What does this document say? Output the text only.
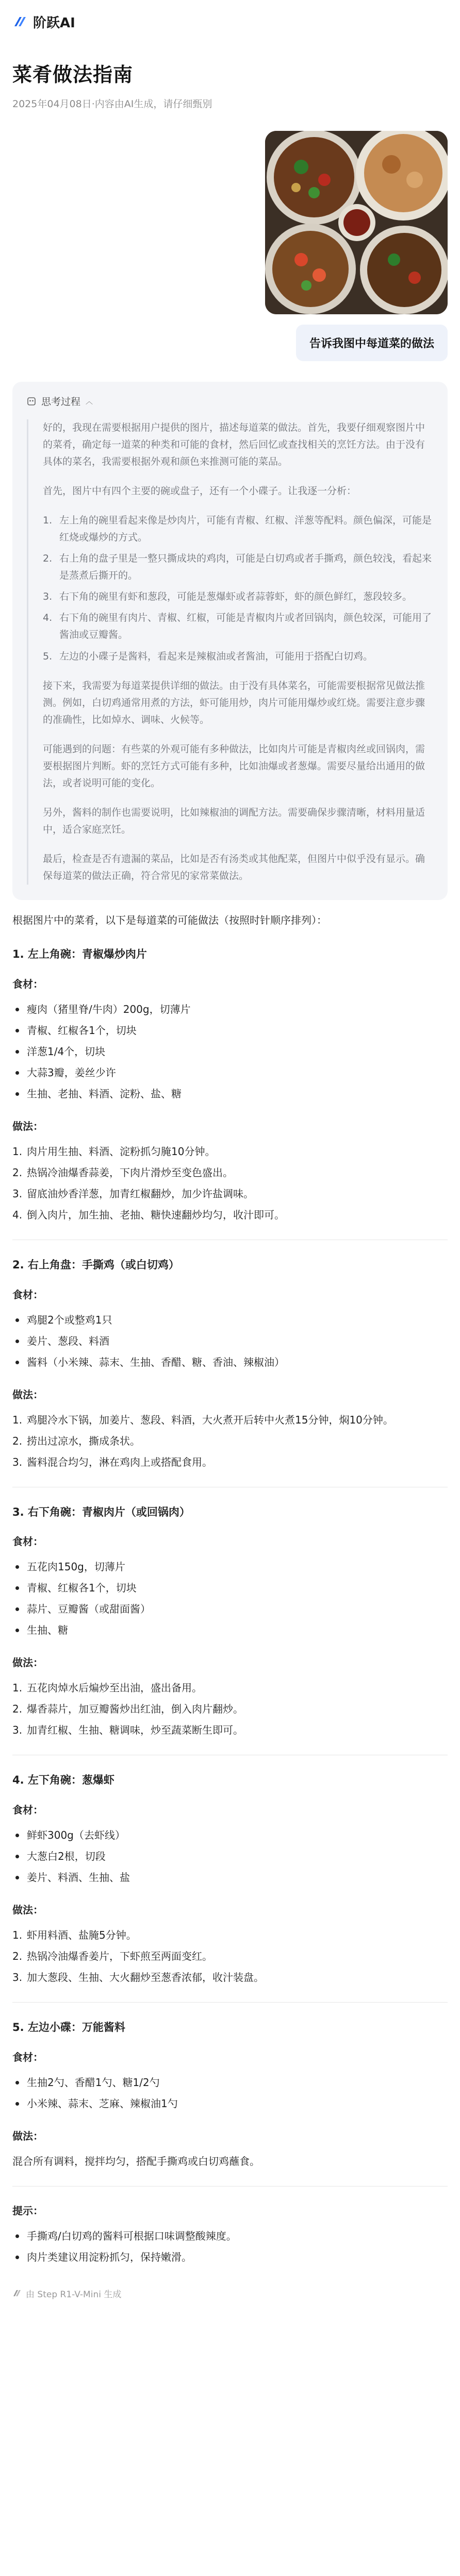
阶跃AI
菜肴做法指南
2025年04月08日·内容由AI生成，请仔细甄别
告诉我图中每道菜的做法
思考过程 ︿

好的，我现在需要根据用户提供的图片，描述每道菜的做法。首先，我要仔细观察图片中的菜肴，确定每一道菜的种类和可能的食材，然后回忆或查找相关的烹饪方法。由于没有具体的菜名，我需要根据外观和颜色来推测可能的菜品。

首先，图片中有四个主要的碗或盘子，还有一个小碟子。让我逐一分析：

1. 左上角的碗里看起来像是炒肉片，可能有青椒、红椒、洋葱等配料。颜色偏深，可能是红烧或爆炒的方式。
2. 右上角的盘子里是一整只撕成块的鸡肉，可能是白切鸡或者手撕鸡，颜色较浅，看起来是蒸煮后撕开的。
3. 右下角的碗里有虾和葱段，可能是葱爆虾或者蒜蓉虾，虾的颜色鲜红，葱段较多。
4. 右下角的碗里有肉片、青椒、红椒，可能是青椒肉片或者回锅肉，颜色较深，可能用了酱油或豆瓣酱。
5. 左边的小碟子是酱料，看起来是辣椒油或者酱油，可能用于搭配白切鸡。

接下来，我需要为每道菜提供详细的做法。由于没有具体菜名，可能需要根据常见做法推测。例如，白切鸡通常用煮的方法，虾可能用炒，肉片可能用爆炒或红烧。需要注意步骤的准确性，比如焯水、调味、火候等。

可能遇到的问题：有些菜的外观可能有多种做法，比如肉片可能是青椒肉丝或回锅肉，需要根据图片判断。虾的烹饪方式可能有多种，比如油爆或者葱爆。需要尽量给出通用的做法，或者说明可能的变化。

另外，酱料的制作也需要说明，比如辣椒油的调配方法。需要确保步骤清晰，材料用量适中，适合家庭烹饪。

最后，检查是否有遗漏的菜品，比如是否有汤类或其他配菜，但图片中似乎没有显示。确保每道菜的做法正确，符合常见的家常菜做法。

根据图片中的菜肴，以下是每道菜的可能做法（按照时针顺序排列）：

1. 左上角碗：青椒爆炒肉片
食材：
瘦肉（猪里脊/牛肉）200g，切薄片
青椒、红椒各1个，切块
洋葱1/4个，切块
大蒜3瓣，姜丝少许
生抽、老抽、料酒、淀粉、盐、糖
做法：
1. 肉片用生抽、料酒、淀粉抓匀腌10分钟。
2. 热锅冷油爆香蒜姜，下肉片滑炒至变色盛出。
3. 留底油炒香洋葱，加青红椒翻炒，加少许盐调味。
4. 倒入肉片，加生抽、老抽、糖快速翻炒均匀，收汁即可。
2. 右上角盘：手撕鸡（或白切鸡）
食材：
鸡腿2个或整鸡1只
姜片、葱段、料酒
酱料（小米辣、蒜末、生抽、香醋、糖、香油、辣椒油）
做法：
1. 鸡腿冷水下锅，加姜片、葱段、料酒，大火煮开后转中火煮15分钟，焖10分钟。
2. 捞出过凉水，撕成条状。
3. 酱料混合均匀，淋在鸡肉上或搭配食用。
3. 右下角碗：青椒肉片（或回锅肉）
食材：
五花肉150g，切薄片
青椒、红椒各1个，切块
蒜片、豆瓣酱（或甜面酱）
生抽、糖
做法：
1. 五花肉焯水后煸炒至出油，盛出备用。
2. 爆香蒜片，加豆瓣酱炒出红油，倒入肉片翻炒。
3. 加青红椒、生抽、糖调味，炒至蔬菜断生即可。
4. 左下角碗：葱爆虾
食材：
鲜虾300g（去虾线）
大葱白2根，切段
姜片、料酒、生抽、盐
做法：
1. 虾用料酒、盐腌5分钟。
2. 热锅冷油爆香姜片，下虾煎至两面变红。
3. 加大葱段、生抽、大火翻炒至葱香浓郁，收汁装盘。
5. 左边小碟：万能酱料
食材：
生抽2勺、香醋1勺、糖1/2勺
小米辣、蒜末、芝麻、辣椒油1勺
做法：

混合所有调料，搅拌均匀，搭配手撕鸡或白切鸡蘸食。

提示：
手撕鸡/白切鸡的酱料可根据口味调整酸辣度。
肉片类建议用淀粉抓匀，保持嫩滑。
由 Step R1-V-Mini 生成
